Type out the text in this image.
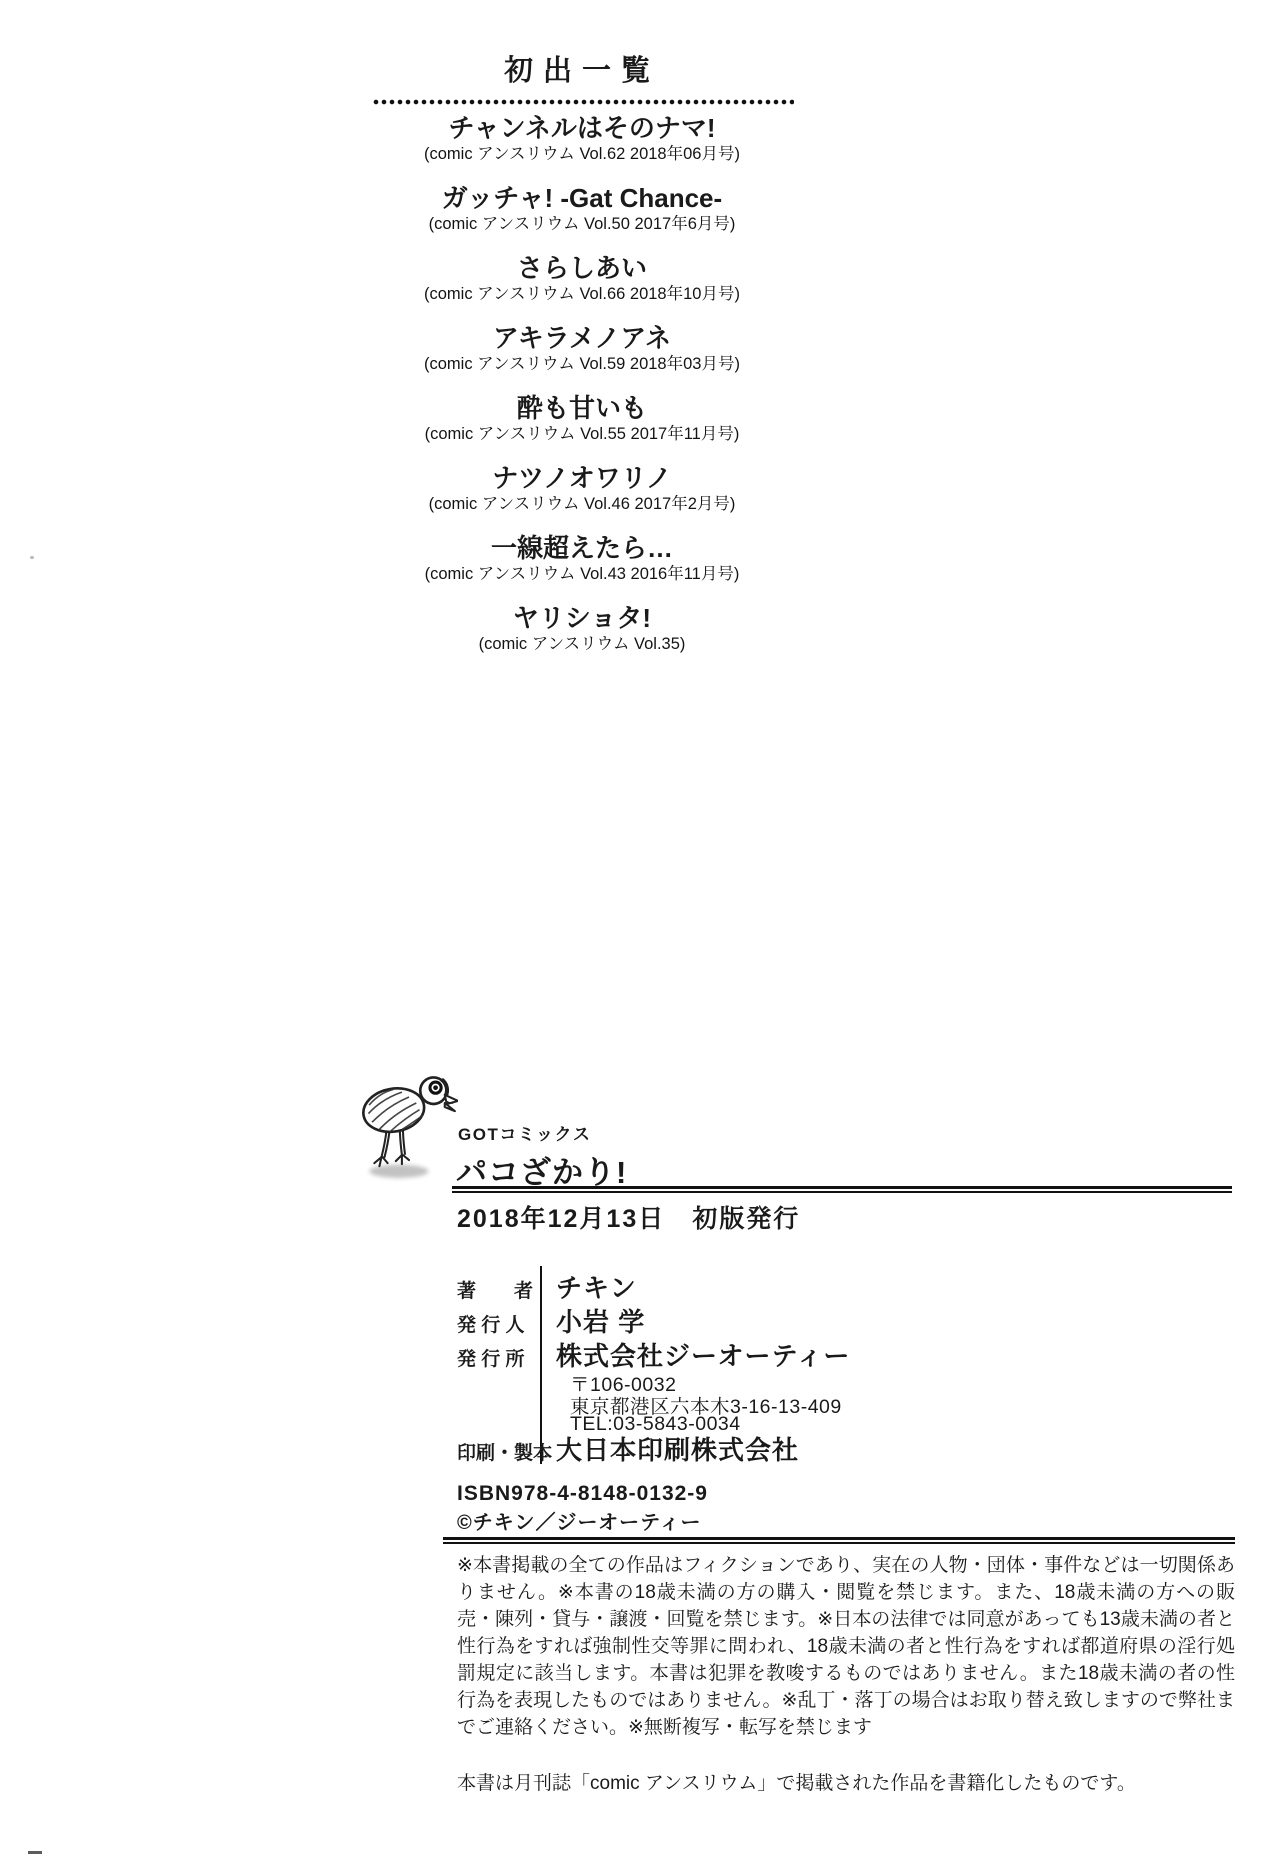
初出一覧
チャンネルはそのナマ!
(comic アンスリウム Vol.62 2018年06月号)
ガッチャ! -Gat Chance-
(comic アンスリウム Vol.50 2017年6月号)
さらしあい
(comic アンスリウム Vol.66 2018年10月号)
アキラメノアネ
(comic アンスリウム Vol.59 2018年03月号)
酔も甘いも
(comic アンスリウム Vol.55 2017年11月号)
ナツノオワリノ
(comic アンスリウム Vol.46 2017年2月号)
一線超えたら…
(comic アンスリウム Vol.43 2016年11月号)
ヤリショタ!
(comic アンスリウム Vol.35)
GOTコミックス
パコざかり!
2018年12月13日　初版発行
著　　者 チキン
発 行 人 小岩 学
発 行 所 株式会社ジーオーティー
〒106-0032
東京都港区六本木3-16-13-409
TEL:03-5843-0034
印刷・製本 大日本印刷株式会社
ISBN978-4-8148-0132-9
©チキン／ジーオーティー
※本書掲載の全ての作品はフィクションであり、実在の人物・団体・事件などは一切関係ありません。※本書の18歳未満の方の購入・閲覧を禁じます。また、18歳未満の方への販売・陳列・貸与・譲渡・回覧を禁じます。※日本の法律では同意があっても13歳未満の者と性行為をすれば強制性交等罪に問われ、18歳未満の者と性行為をすれば都道府県の淫行処罰規定に該当します。本書は犯罪を教唆するものではありません。また18歳未満の者の性行為を表現したものではありません。※乱丁・落丁の場合はお取り替え致しますので弊社までご連絡ください。※無断複写・転写を禁じます
本書は月刊誌「comic アンスリウム」で掲載された作品を書籍化したものです。
